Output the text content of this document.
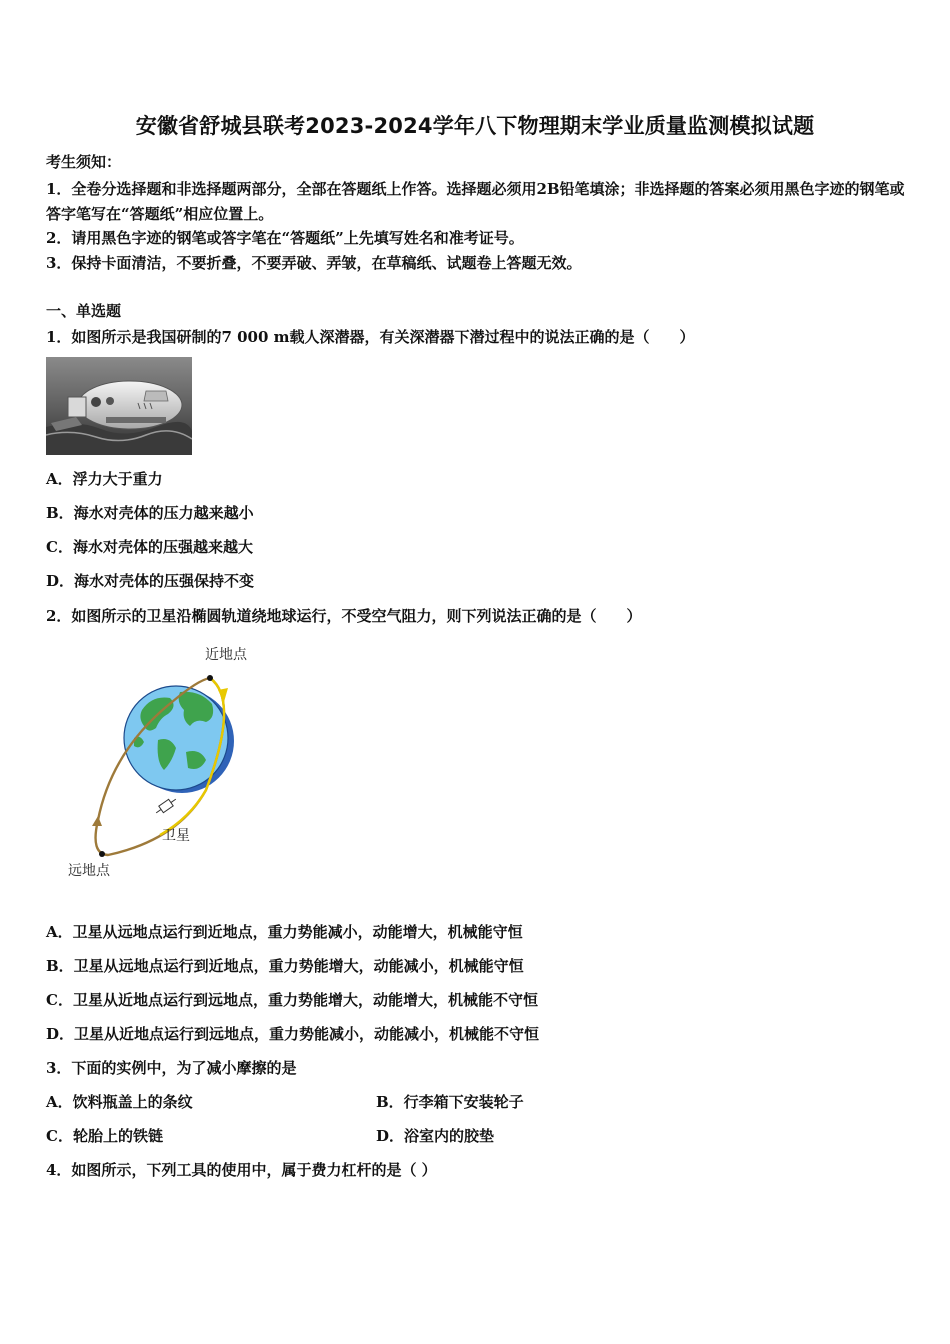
安徽省舒城县联考2023-2024学年八下物理期末学业质量监测模拟试题
考生须知：
1．全卷分选择题和非选择题两部分，全部在答题纸上作答。选择题必须用2B铅笔填涂；非选择题的答案必须用黑色字迹的钢笔或答字笔写在“答题纸”相应位置上。
2．请用黑色字迹的钢笔或答字笔在“答题纸”上先填写姓名和准考证号。
3．保持卡面清洁，不要折叠，不要弄破、弄皱，在草稿纸、试题卷上答题无效。
一、单选题
1．如图所示是我国研制的7 000 m载人深潜器，有关深潜器下潜过程中的说法正确的是（　　）
A．浮力大于重力
B．海水对壳体的压力越来越小
C．海水对壳体的压强越来越大
D．海水对壳体的压强保持不变
2．如图所示的卫星沿椭圆轨道绕地球运行，不受空气阻力，则下列说法正确的是（　　）
近地点
卫星
远地点
A．卫星从远地点运行到近地点，重力势能减小，动能增大，机械能守恒
B．卫星从远地点运行到近地点，重力势能增大，动能减小，机械能守恒
C．卫星从近地点运行到远地点，重力势能增大，动能增大，机械能不守恒
D．卫星从近地点运行到远地点，重力势能减小，动能减小，机械能不守恒
3．下面的实例中，为了减小摩擦的是
A．饮料瓶盖上的条纹	B．行李箱下安装轮子
C．轮胎上的铁链	D．浴室内的胶垫
4．如图所示，下列工具的使用中，属于费力杠杆的是（ ）
